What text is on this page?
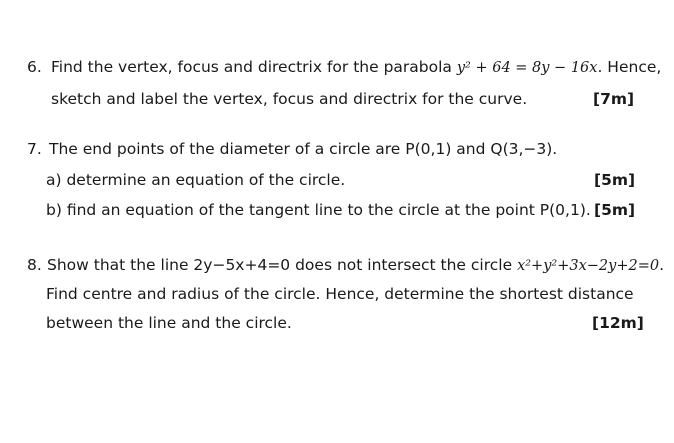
6. Find the vertex, focus and directrix for the parabola y² + 64 = 8y − 16x. Hence,
sketch and label the vertex, focus and directrix for the curve.	[7m]
7. The end points of the diameter of a circle are P(0,1) and Q(3,−3).
a) determine an equation of the circle.	[5m]
b) find an equation of the tangent line to the circle at the point P(0,1). [5m]
8. Show that the line 2y−5x+4=0 does not intersect the circle x²+y²+3x−2y+2=0.
Find centre and radius of the circle. Hence, determine the shortest distance
between the line and the circle.	[12m]
